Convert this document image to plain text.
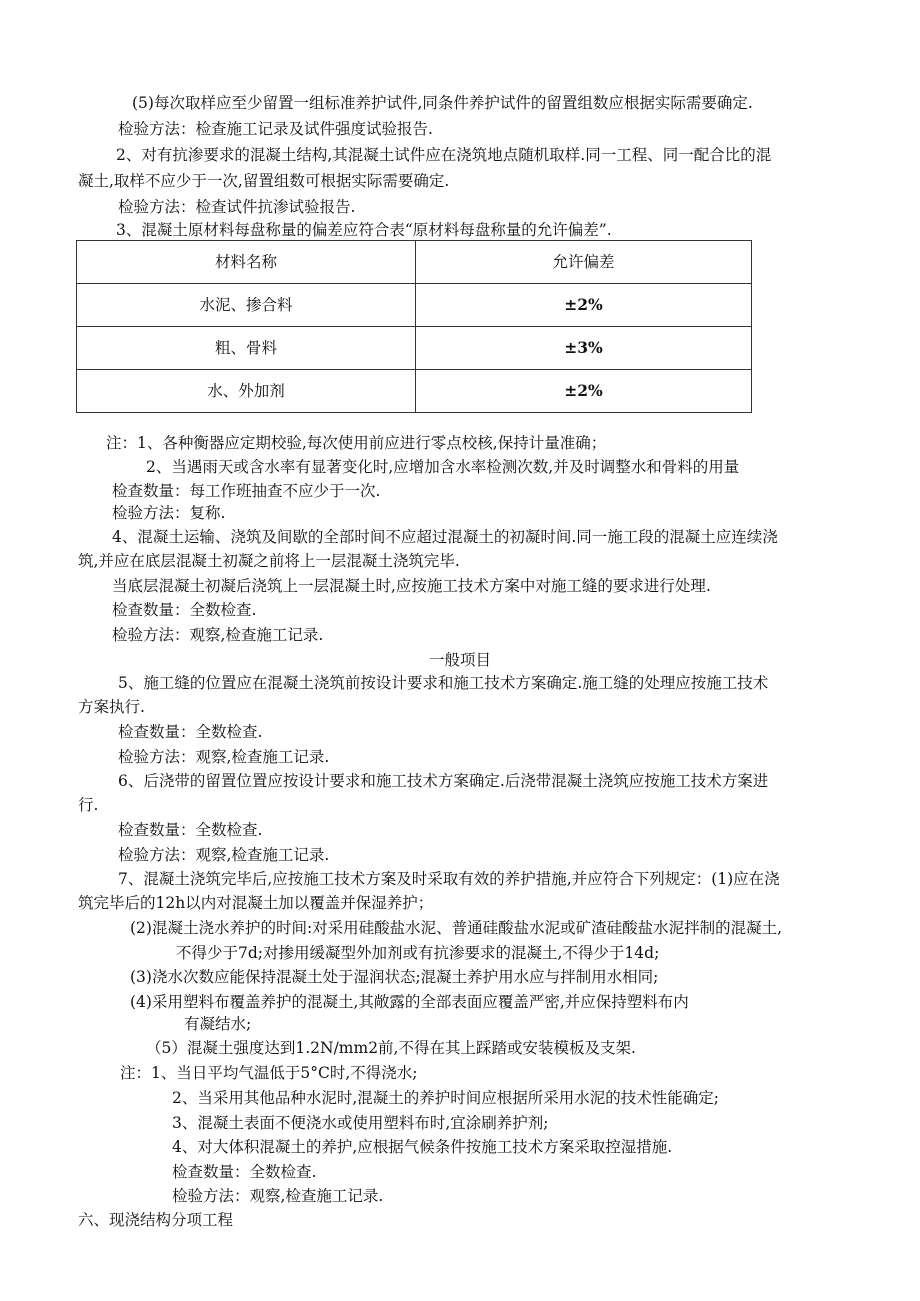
(5)每次取样应至少留置一组标准养护试件,同条件养护试件的留置组数应根据实际需要确定.
检验方法：检查施工记录及试件强度试验报告.
2、对有抗渗要求的混凝土结构,其混凝土试件应在浇筑地点随机取样.同一工程、同一配合比的混
凝土,取样不应少于一次,留置组数可根据实际需要确定.
检验方法：检查试件抗渗试验报告.
3、混凝土原材料每盘称量的偏差应符合表“原材料每盘称量的允许偏差”.
材料名称	允许偏差
水泥、掺合料	±2%
粗、骨料	±3%
水、外加剂	±2%
注：1、各种衡器应定期校验,每次使用前应进行零点校核,保持计量准确；
2、当遇雨天或含水率有显著变化时,应增加含水率检测次数,并及时调整水和骨料的用量
检查数量：每工作班抽查不应少于一次.
检验方法：复称.
4、混凝土运输、浇筑及间歇的全部时间不应超过混凝土的初凝时间.同一施工段的混凝土应连续浇
筑,并应在底层混凝土初凝之前将上一层混凝土浇筑完毕.
当底层混凝土初凝后浇筑上一层混凝土时,应按施工技术方案中对施工缝的要求进行处理.
检查数量：全数检查.
检验方法：观察,检查施工记录.
一般项目
5、施工缝的位置应在混凝土浇筑前按设计要求和施工技术方案确定.施工缝的处理应按施工技术
方案执行.
检查数量：全数检查.
检验方法：观察,检查施工记录.
6、后浇带的留置位置应按设计要求和施工技术方案确定.后浇带混凝土浇筑应按施工技术方案进
行.
检查数量：全数检查.
检验方法：观察,检查施工记录.
7、混凝土浇筑完毕后,应按施工技术方案及时采取有效的养护措施,并应符合下列规定：(1)应在浇
筑完毕后的12h以内对混凝土加以覆盖并保湿养护；
(2)混凝土浇水养护的时间:对采用硅酸盐水泥、普通硅酸盐水泥或矿渣硅酸盐水泥拌制的混凝土,
不得少于7d;对掺用缓凝型外加剂或有抗渗要求的混凝土,不得少于14d;
(3)浇水次数应能保持混凝土处于湿润状态;混凝土养护用水应与拌制用水相同;
(4)采用塑料布覆盖养护的混凝土,其敞露的全部表面应覆盖严密,并应保持塑料布内
有凝结水;
（5）混凝土强度达到1.2N/mm2前,不得在其上踩踏或安装模板及支架.
注：1、当日平均气温低于5°C时,不得浇水;
2、当采用其他品种水泥时,混凝土的养护时间应根据所采用水泥的技术性能确定;
3、混凝土表面不便浇水或使用塑料布时,宜涂刷养护剂;
4、对大体积混凝土的养护,应根据气候条件按施工技术方案采取控湿措施.
检查数量：全数检查.
检验方法：观察,检查施工记录.
六、现浇结构分项工程
